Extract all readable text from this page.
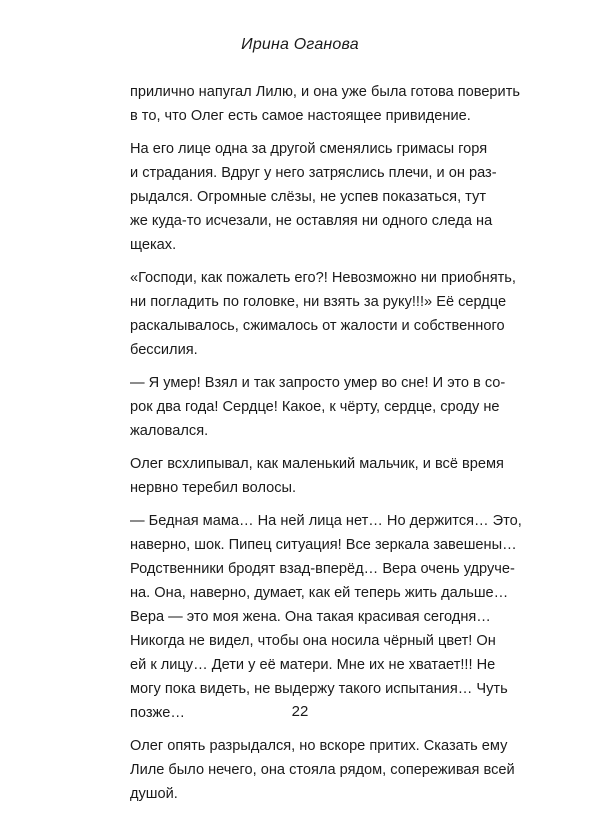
Ирина Оганова

прилично напугал Лилю, и она уже была готова поверить
в то, что Олег есть самое настоящее привидение.

На его лице одна за другой сменялись гримасы горя
и страдания. Вдруг у него затряслись плечи, и он раз-
рыдался. Огромные слёзы, не успев показаться, тут
же куда-то исчезали, не оставляя ни одного следа на
щеках.

«Господи, как пожалеть его?! Невозможно ни приобнять,
ни погладить по головке, ни взять за руку!!!» Её сердце
раскалывалось, сжималось от жалости и собственного
бессилия.

— Я умер! Взял и так запросто умер во сне! И это в со-
рок два года! Сердце! Какое, к чёрту, сердце, сроду не
жаловался.

Олег всхлипывал, как маленький мальчик, и всё время
нервно теребил волосы.

— Бедная мама… На ней лица нет… Но держится… Это,
наверно, шок. Пипец ситуация! Все зеркала завешены…
Родственники бродят взад-вперёд… Вера очень удруче-
на. Она, наверно, думает, как ей теперь жить дальше…
Вера — это моя жена. Она такая красивая сегодня…
Никогда не видел, чтобы она носила чёрный цвет! Он
ей к лицу… Дети у её матери. Мне их не хватает!!! Не
могу пока видеть, не выдержу такого испытания… Чуть
позже…

Олег опять разрыдался, но вскоре притих. Сказать ему
Лиле было нечего, она стояла рядом, сопереживая всей
душой.

22
